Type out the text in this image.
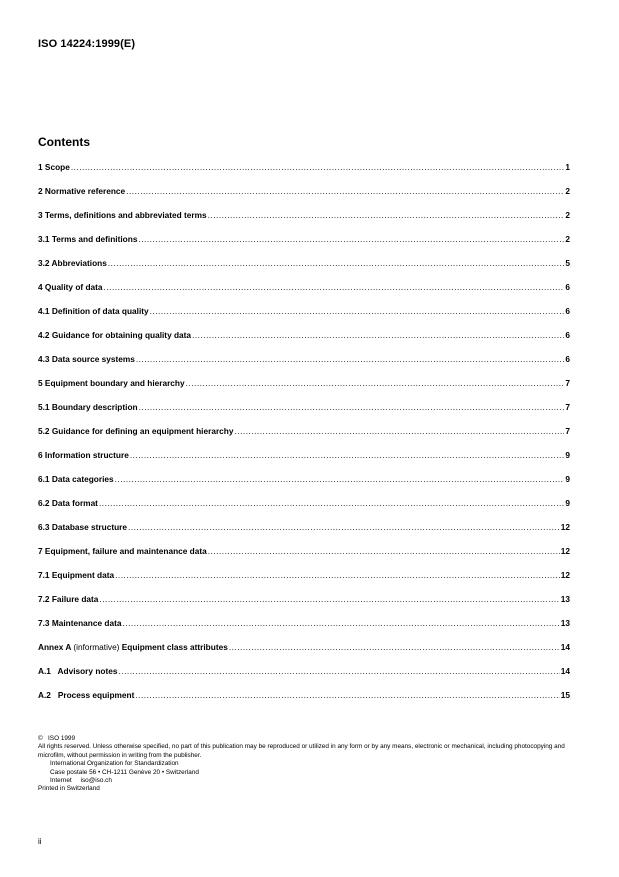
ISO 14224:1999(E)
Contents
1 Scope .....	1
2 Normative reference .....	2
3 Terms, definitions and abbreviated terms .....	2
3.1 Terms and definitions .....	2
3.2 Abbreviations .....	5
4 Quality of data .....	6
4.1 Definition of data quality .....	6
4.2 Guidance for obtaining quality data .....	6
4.3 Data source systems .....	6
5 Equipment boundary and hierarchy .....	7
5.1 Boundary description .....	7
5.2 Guidance for defining an equipment hierarchy .....	7
6 Information structure .....	9
6.1 Data categories .....	9
6.2 Data format .....	9
6.3 Database structure .....	12
7 Equipment, failure and maintenance data .....	12
7.1 Equipment data .....	12
7.2 Failure data .....	13
7.3 Maintenance data .....	13
Annex A (informative) Equipment class attributes .....	14
A.1   Advisory notes .....	14
A.2   Process equipment .....	15
©   ISO 1999
All rights reserved. Unless otherwise specified, no part of this publication may be reproduced or utilized in any form or by any means, electronic or mechanical, including photocopying and microfilm, without permission in writing from the publisher.
International Organization for Standardization
Case postale 56 • CH-1211 Genève 20 • Switzerland
Internet iso@iso.ch
Printed in Switzerland
ii
